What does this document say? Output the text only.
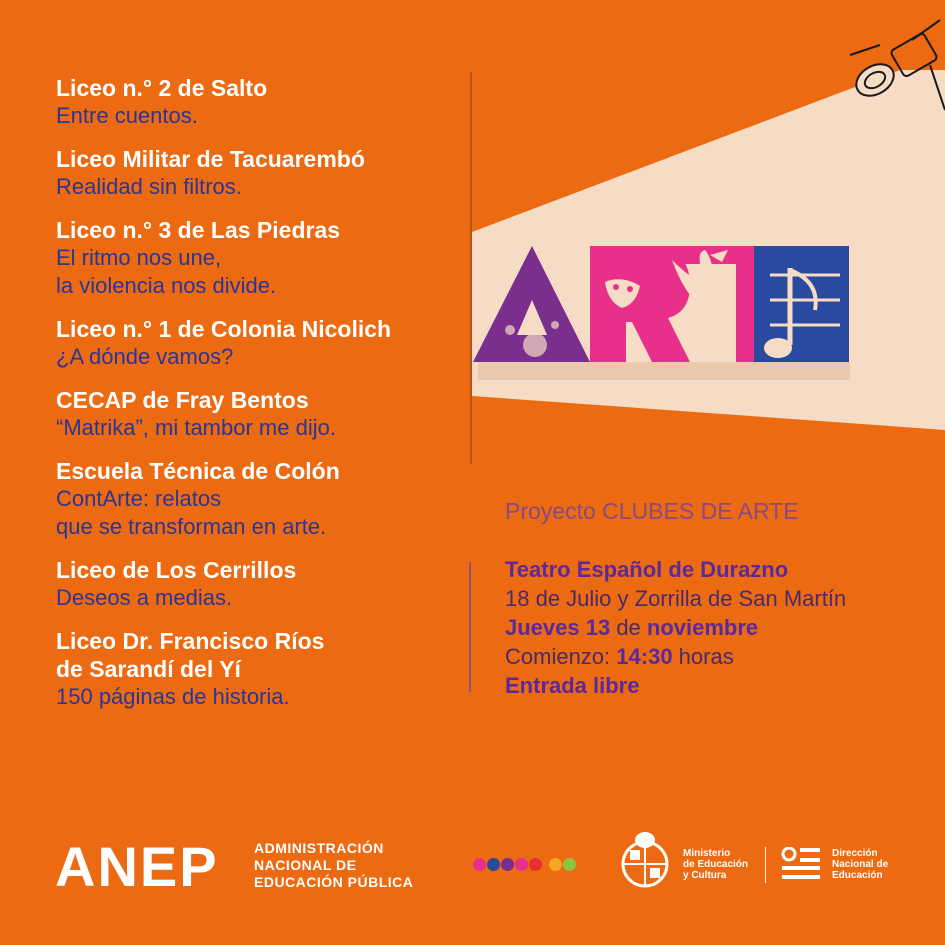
Liceo n.° 2 de Salto
Entre cuentos.
Liceo Militar de Tacuarembó
Realidad sin filtros.
Liceo n.° 3 de Las Piedras
El ritmo nos une,
la violencia nos divide.
Liceo n.° 1 de Colonia Nicolich
¿A dónde vamos?
CECAP de Fray Bentos
“Matrika”, mi tambor me dijo.
Escuela Técnica de Colón
ContArte: relatos
que se transforman en arte.
Liceo de Los Cerrillos
Deseos a medias.
Liceo Dr. Francisco Ríos
de Sarandí del Yí
150 páginas de historia.
Proyecto CLUBES DE ARTE
Teatro Español de Durazno
18 de Julio y Zorrilla de San Martín
Jueves 13 de noviembre
Comienzo: 14:30 horas
Entrada libre
ANEP	ADMINISTRACIÓN
NACIONAL DE
EDUCACIÓN PÚBLICA
Ministerio
de Educación
y Cultura
Dirección
Nacional de
Educación
